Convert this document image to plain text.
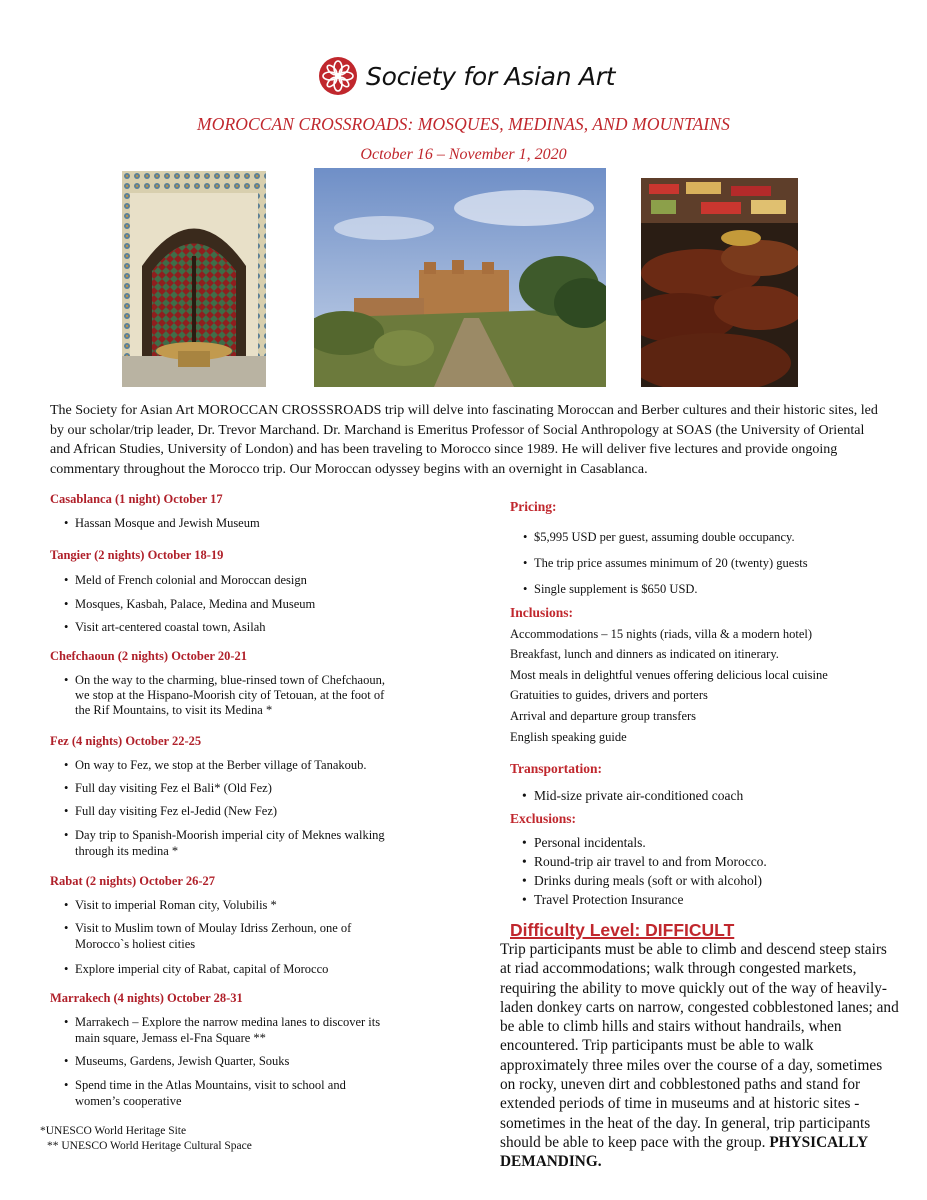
Society for Asian Art
MOROCCAN CROSSROADS: MOSQUES, MEDINAS, AND MOUNTAINS
October 16 – November 1, 2020
The Society for Asian Art MOROCCAN CROSSSROADS trip will delve into fascinating Moroccan and Berber cultures and their historic sites, led by our scholar/trip leader, Dr. Trevor Marchand. Dr. Marchand is Emeritus Professor of Social Anthropology at SOAS (the University of Oriental and African Studies, University of London) and has been traveling to Morocco since 1989. He will deliver five lectures and provide ongoing commentary throughout the Morocco trip. Our Moroccan odyssey begins with an overnight in Casablanca.
Casablanca (1 night) October 17
• Hassan Mosque and Jewish Museum
Tangier (2 nights) October 18-19
• Meld of French colonial and Moroccan design
• Mosques, Kasbah, Palace, Medina and Museum
• Visit art-centered coastal town, Asilah
Chefchaoun (2 nights) October 20-21
• On the way to the charming, blue-rinsed town of Chefchaoun,
we stop at the Hispano-Moorish city of Tetouan, at the foot of
the Rif Mountains, to visit its Medina *
Fez (4 nights) October 22-25
• On way to Fez, we stop at the Berber village of Tanakoub.
• Full day visiting Fez el Bali* (Old Fez)
• Full day visiting Fez el-Jedid (New Fez)
• Day trip to Spanish-Moorish imperial city of Meknes walking
through its medina *
Rabat (2 nights) October 26-27
• Visit to imperial Roman city, Volubilis *
• Visit to Muslim town of Moulay Idriss Zerhoun, one of
Morocco`s holiest cities
• Explore imperial city of Rabat, capital of Morocco
Marrakech (4 nights) October 28-31
• Marrakech – Explore the narrow medina lanes to discover its
main square, Jemass el-Fna Square **
• Museums, Gardens, Jewish Quarter, Souks
• Spend time in the Atlas Mountains, visit to school and
women’s cooperative
*UNESCO World Heritage Site
** UNESCO World Heritage Cultural Space
Pricing:
• $5,995 USD per guest, assuming double occupancy.
• The trip price assumes minimum of 20 (twenty) guests
• Single supplement is $650 USD.
Inclusions:
Accommodations – 15 nights (riads, villa & a modern hotel)
Breakfast, lunch and dinners as indicated on itinerary.
Most meals in delightful venues offering delicious local cuisine
Gratuities to guides, drivers and porters
Arrival and departure group transfers
English speaking guide
Transportation:
• Mid-size private air-conditioned coach
Exclusions:
• Personal incidentals.
• Round-trip air travel to and from Morocco.
• Drinks during meals (soft or with alcohol)
• Travel Protection Insurance
Difficulty Level: DIFFICULT
Trip participants must be able to climb and descend steep stairs at riad accommodations; walk through congested markets, requiring the ability to move quickly out of the way of heavily-laden donkey carts on narrow, congested cobblestoned lanes; and be able to climb hills and stairs without handrails, when encountered. Trip participants must be able to walk approximately three miles over the course of a day, sometimes on rocky, uneven dirt and cobblestoned paths and stand for extended periods of time in museums and at historic sites - sometimes in the heat of the day. In general, trip participants should be able to keep pace with the group. PHYSICALLY DEMANDING.
